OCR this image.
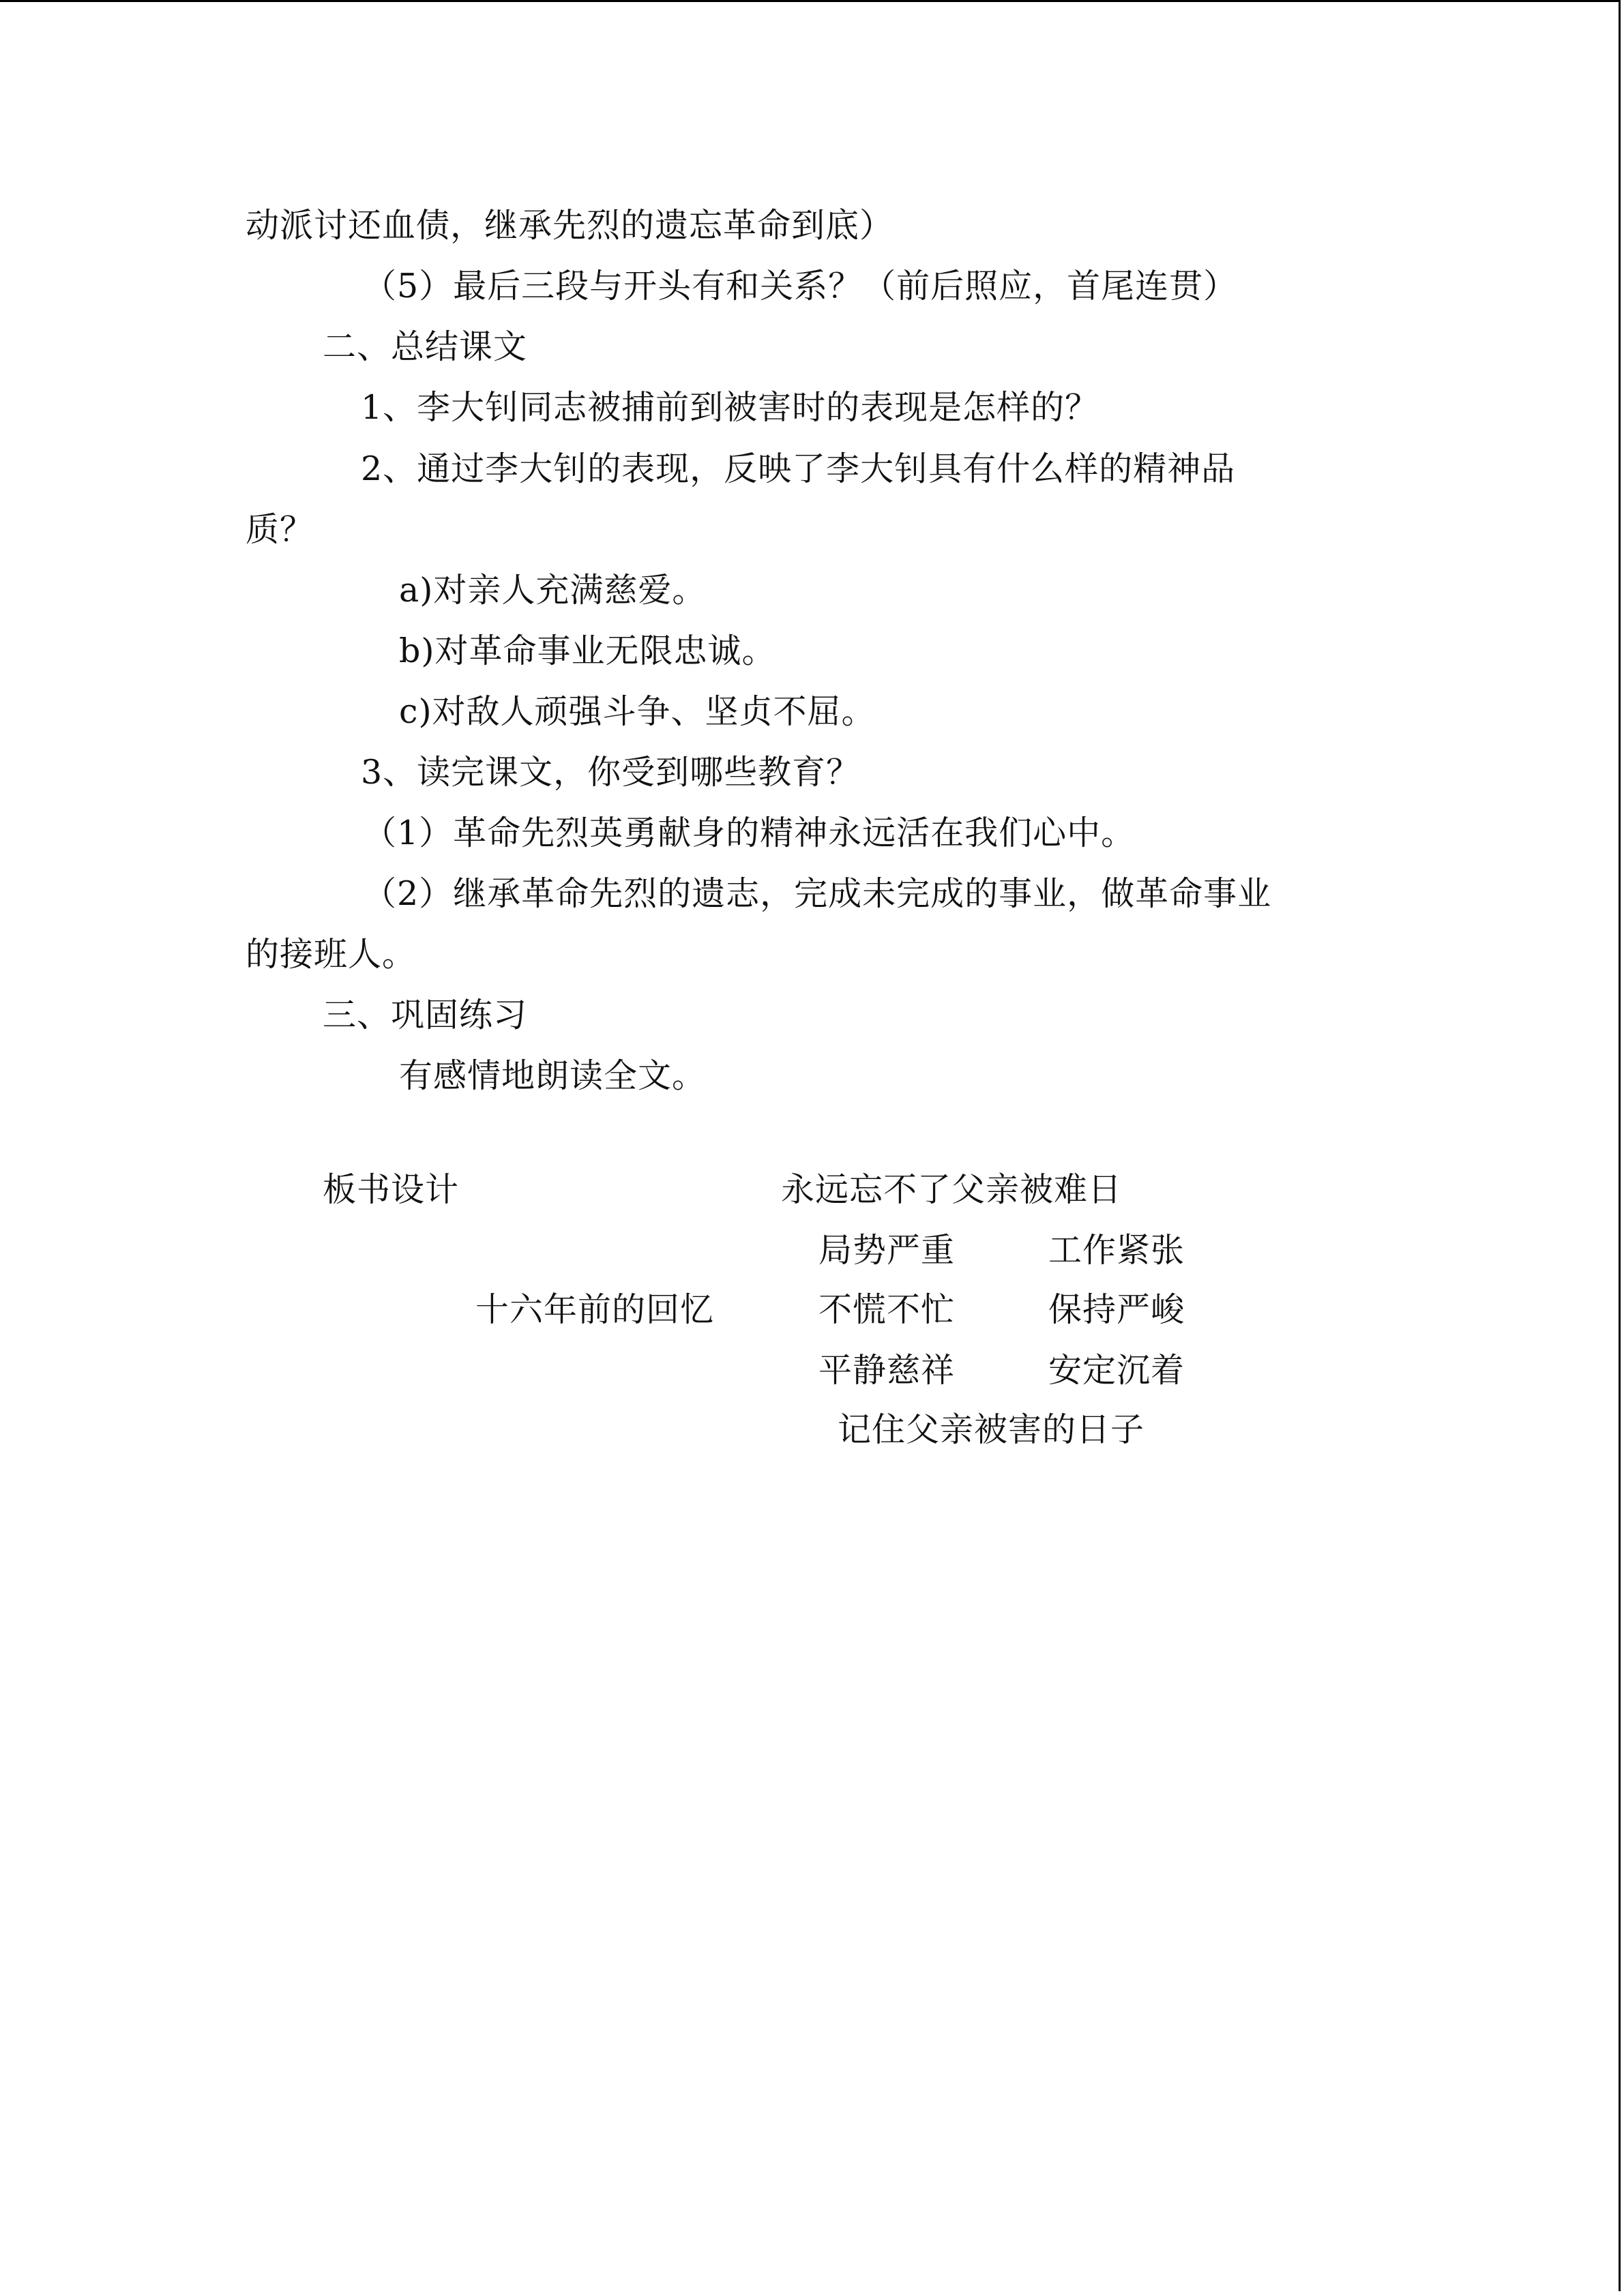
动派讨还血债，继承先烈的遗忘革命到底）
（5）最后三段与开头有和关系？（前后照应，首尾连贯）
二、总结课文
1、李大钊同志被捕前到被害时的表现是怎样的？
2、通过李大钊的表现，反映了李大钊具有什么样的精神品
质？
a)对亲人充满慈爱。
b)对革命事业无限忠诚。
c)对敌人顽强斗争、坚贞不屈。
3、读完课文，你受到哪些教育？
（1）革命先烈英勇献身的精神永远活在我们心中。
（2）继承革命先烈的遗志，完成未完成的事业，做革命事业
的接班人。
三、巩固练习
有感情地朗读全文。
板书设计	永远忘不了父亲被难日
局势严重	工作紧张
十六年前的回忆	不慌不忙	保持严峻
平静慈祥	安定沉着
记住父亲被害的日子
